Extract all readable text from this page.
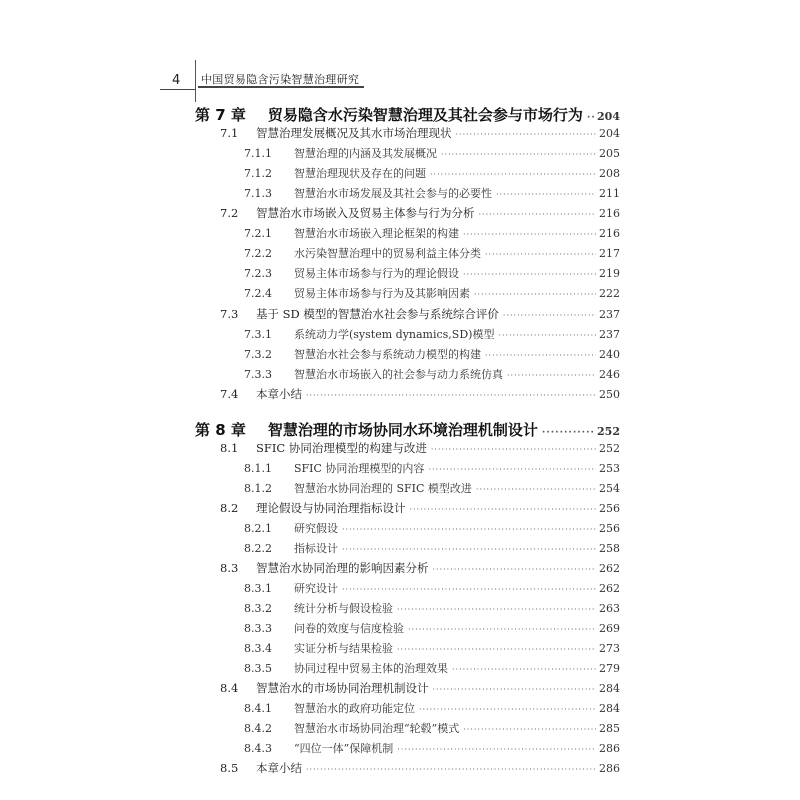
4 中国贸易隐含污染智慧治理研究
第 7 章 贸易隐含水污染智慧治理及其社会参与市场行为 ····· 204
7.1	智慧治理发展概况及其水市场治理现状 ·····	204
7.1.1	智慧治理的内涵及其发展概况 ·····	205
7.1.2	智慧治理现状及存在的问题 ·····	208
7.1.3	智慧治水市场发展及其社会参与的必要性 ·····	211
7.2	智慧治水市场嵌入及贸易主体参与行为分析 ·····	216
7.2.1	智慧治水市场嵌入理论框架的构建 ·····	216
7.2.2	水污染智慧治理中的贸易利益主体分类 ·····	217
7.2.3	贸易主体市场参与行为的理论假设 ·····	219
7.2.4	贸易主体市场参与行为及其影响因素 ·····	222
7.3	基于 SD 模型的智慧治水社会参与系统综合评价 ·····	237
7.3.1	系统动力学(system dynamics,SD)模型 ·····	237
7.3.2	智慧治水社会参与系统动力模型的构建 ·····	240
7.3.3	智慧治水市场嵌入的社会参与动力系统仿真 ·····	246
7.4	本章小结 ·····	250
第 8 章 智慧治理的市场协同水环境治理机制设计 ·····	252
8.1	SFIC 协同治理模型的构建与改进 ·····	252
8.1.1	SFIC 协同治理模型的内容 ·····	253
8.1.2	智慧治水协同治理的 SFIC 模型改进 ·····	254
8.2	理论假设与协同治理指标设计 ·····	256
8.2.1	研究假设 ·····	256
8.2.2	指标设计 ·····	258
8.3	智慧治水协同治理的影响因素分析 ·····	262
8.3.1	研究设计 ·····	262
8.3.2	统计分析与假设检验 ·····	263
8.3.3	问卷的效度与信度检验 ·····	269
8.3.4	实证分析与结果检验 ·····	273
8.3.5	协同过程中贸易主体的治理效果 ·····	279
8.4	智慧治水的市场协同治理机制设计 ·····	284
8.4.1	智慧治水的政府功能定位 ·····	284
8.4.2	智慧治水市场协同治理“轮毂”模式 ·····	285
8.4.3	“四位一体”保障机制 ·····	286
8.5	本章小结 ·····	286
